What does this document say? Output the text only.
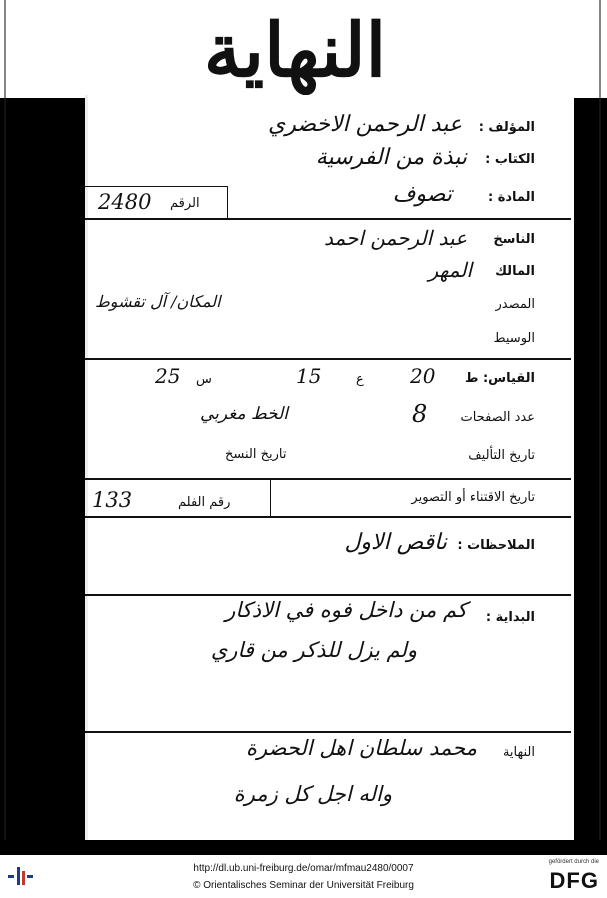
النهاية
المؤلف :
عبد الرحمن الاخضري
الكتاب :
نبذة من الفرسية
المادة :
تصوف
الرقم
2480
الناسخ
عبد الرحمن احمد
المالك
المهر
المصدر
المكان/ آل تقشوط
الوسيط
القياس: ط
20
ع
15
س
25
عدد الصفحات
8
الخط مغربي
تاريخ التأليف
تاريخ النسخ
تاريخ الاقتناء أو التصوير
رقم الفلم
133
الملاحظات :
ناقص الاول
البداية :
كم من داخل فوه في الاذكار
ولم يزل للذكر من قاري
النهاية
محمد سلطان اهل الحضرة
واله اجل كل زمرة
http://dl.ub.uni-freiburg.de/omar/mfmau2480/0007
© Orientalisches Seminar der Universität Freiburg
gefördert durch die
DFG
